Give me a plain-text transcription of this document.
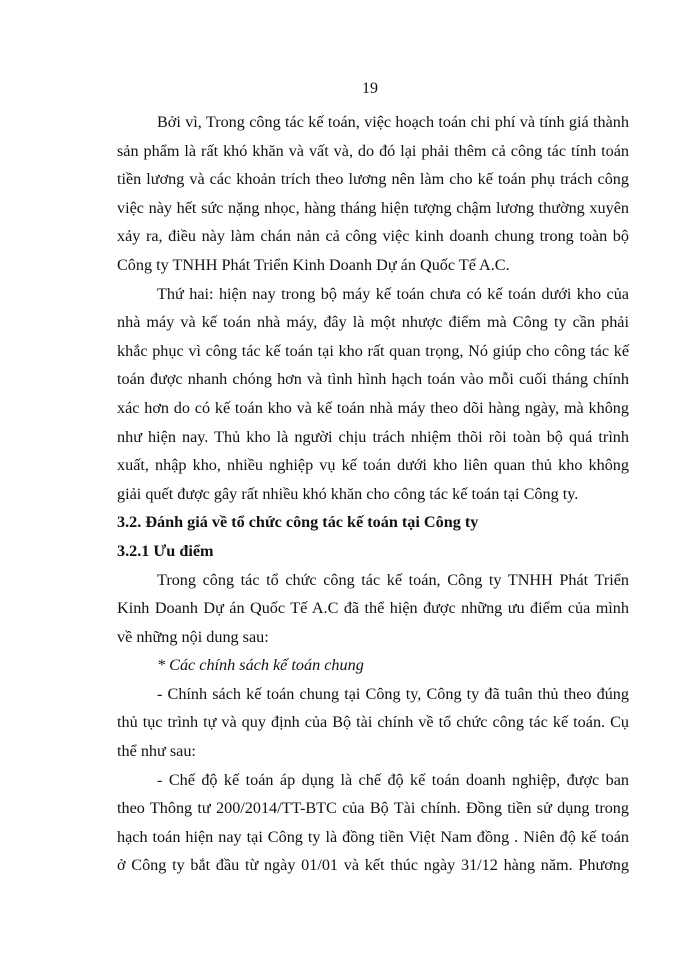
19

Bởi vì, Trong công tác kế toán, việc hoạch toán chi phí và tính giá thành

sản phẩm là rất khó khăn và vất và, do đó lại phải thêm cả công tác tính toán

tiền lương và các khoản trích theo lương nên làm cho kế toán phụ trách công

việc này hết sức nặng nhọc, hàng tháng hiện tượng chậm lương thường xuyên

xảy ra, điều này làm chán nản cả công việc kinh doanh chung trong toàn bộ

Công ty TNHH Phát Triển Kinh Doanh Dự án Quốc Tế A.C.

Thứ hai: hiện nay trong bộ máy kế toán chưa có kế toán dưới kho của

nhà máy và kế toán nhà máy, đây là một nhược điểm mà Công ty cần phải

khắc phục vì công tác kế toán tại kho rất quan trọng, Nó giúp cho công tác kế

toán được nhanh chóng hơn và tình hình hạch toán vào mỗi cuối tháng chính

xác hơn do có kế toán kho và kế toán nhà máy theo dõi hàng ngày, mà không

như hiện nay. Thủ kho là người chịu trách nhiệm thõi rõi toàn bộ quá trình

xuất, nhập kho, nhiều nghiệp vụ kế toán dưới kho liên quan thủ kho không

giải quết được gây rất nhiều khó khăn cho công tác kế toán tại Công ty.

3.2. Đánh giá về tổ chức công tác kế toán tại Công ty

3.2.1 Ưu điểm

Trong công tác tổ chức công tác kế toán, Công ty TNHH Phát Triển

Kinh Doanh Dự án Quốc Tế A.C đã thể hiện được những ưu điểm của mình

về những nội dung sau:

* Các chính sách kế toán chung

- Chính sách kế toán chung tại Công ty, Công ty đã tuân thủ theo đúng

thủ tục trình tự và quy định của Bộ tài chính về tổ chức công tác kế toán. Cụ

thể như sau:

- Chế độ kế toán áp dụng là chế độ kế toán doanh nghiệp, được ban

theo Thông tư 200/2014/TT-BTC của Bộ Tài chính. Đồng tiền sử dụng trong

hạch toán hiện nay tại Công ty là đồng tiền Việt Nam đồng . Niên độ kế toán

ở Công ty bắt đầu từ ngày 01/01 và kết thúc ngày 31/12 hàng năm. Phương
